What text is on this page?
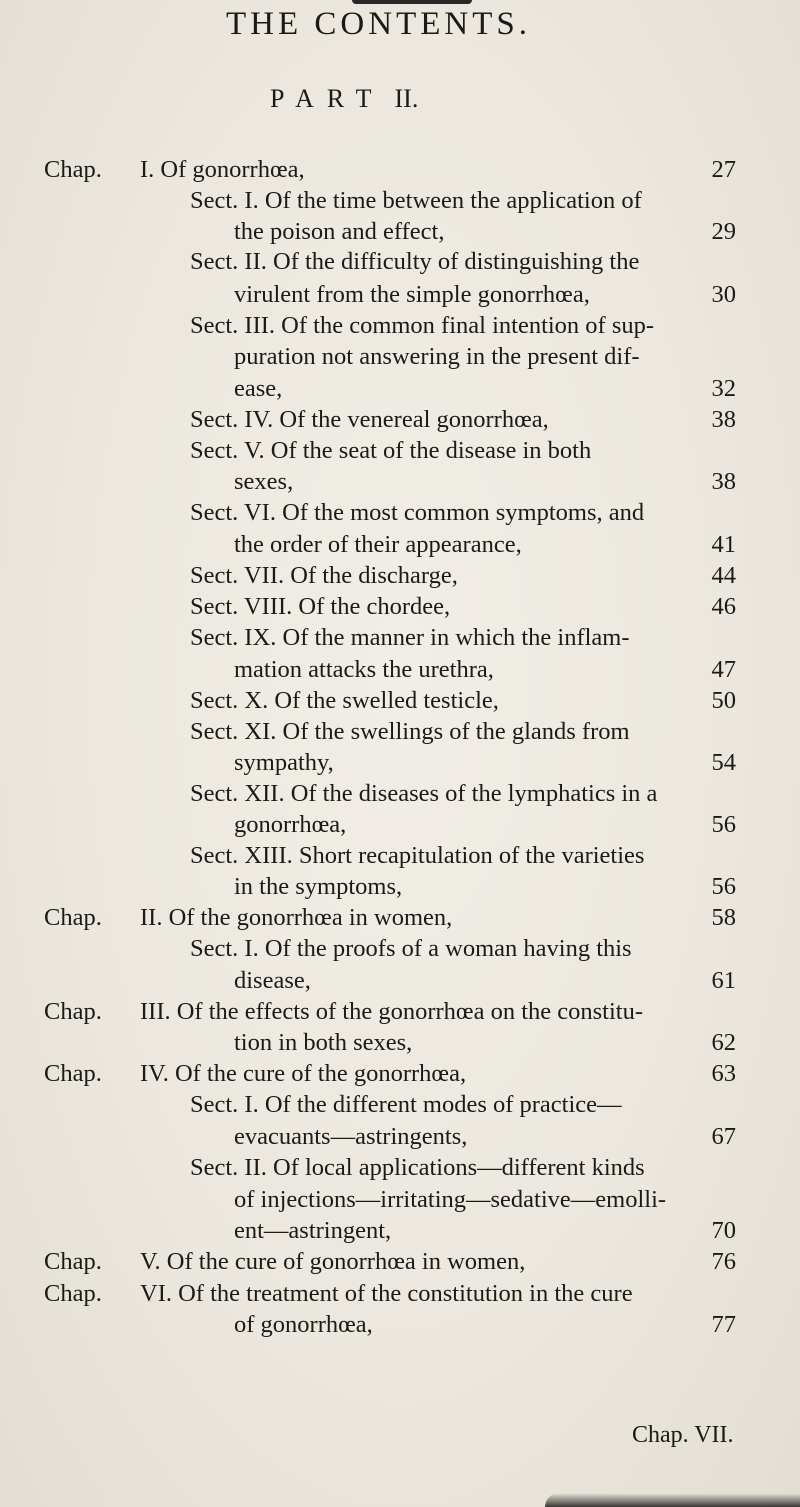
THE CONTENTS.
PART II.
Chap. I. Of gonorrhœa,	27
Sect. I. Of the time between the application of
the poison and effect,	29
Sect. II. Of the difficulty of distinguishing the
virulent from the simple gonorrhœa,	30
Sect. III. Of the common final intention of sup-
puration not answering in the present dif-
ease,	32
Sect. IV. Of the venereal gonorrhœa,	38
Sect. V. Of the seat of the disease in both
sexes,	38
Sect. VI. Of the most common symptoms, and
the order of their appearance,	41
Sect. VII. Of the discharge,	44
Sect. VIII. Of the chordee,	46
Sect. IX. Of the manner in which the inflam-
mation attacks the urethra,	47
Sect. X. Of the swelled testicle,	50
Sect. XI. Of the swellings of the glands from
sympathy,	54
Sect. XII. Of the diseases of the lymphatics in a
gonorrhœa,	56
Sect. XIII. Short recapitulation of the varieties
in the symptoms,	56
Chap. II. Of the gonorrhœa in women,	58
Sect. I. Of the proofs of a woman having this
disease,	61
Chap. III. Of the effects of the gonorrhœa on the constitu-
tion in both sexes,	62
Chap. IV. Of the cure of the gonorrhœa,	63
Sect. I. Of the different modes of practice—
evacuants—astringents,	67
Sect. II. Of local applications—different kinds
of injections—irritating—sedative—emolli-
ent—astringent,	70
Chap. V. Of the cure of gonorrhœa in women,	76
Chap. VI. Of the treatment of the constitution in the cure
of gonorrhœa,	77
Chap. VII.
